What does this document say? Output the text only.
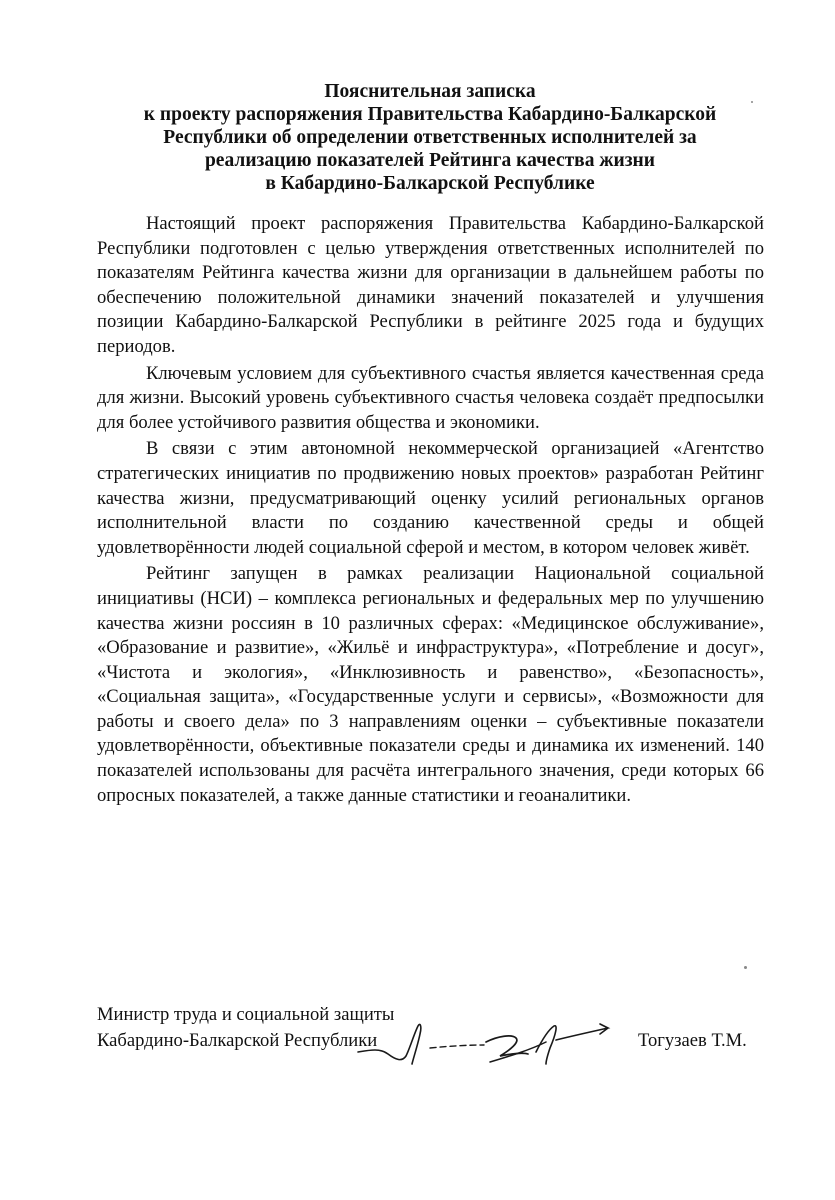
Пояснительная записка
к проекту распоряжения Правительства Кабардино-Балкарской
Республики об определении ответственных исполнителей за
реализацию показателей Рейтинга качества жизни
в Кабардино-Балкарской Республике

Настоящий проект распоряжения Правительства Кабардино-Балкарской Республики подготовлен с целью утверждения ответственных исполнителей по показателям Рейтинга качества жизни для организации в дальнейшем работы по обеспечению положительной динамики значений показателей и улучшения позиции Кабардино-Балкарской Республики в рейтинге 2025 года и будущих периодов.

Ключевым условием для субъективного счастья является качественная среда для жизни. Высокий уровень субъективного счастья человека создаёт предпосылки для более устойчивого развития общества и экономики.

В связи с этим автономной некоммерческой организацией «Агентство стратегических инициатив по продвижению новых проектов» разработан Рейтинг качества жизни, предусматривающий оценку усилий региональных органов исполнительной власти по созданию качественной среды и общей удовлетворённости людей социальной сферой и местом, в котором человек живёт.

Рейтинг запущен в рамках реализации Национальной социальной инициативы (НСИ) – комплекса региональных и федеральных мер по улучшению качества жизни россиян в 10 различных сферах: «Медицинское обслуживание», «Образование и развитие», «Жильё и инфраструктура», «Потребление и досуг», «Чистота и экология», «Инклюзивность и равенство», «Безопасность», «Социальная защита», «Государственные услуги и сервисы», «Возможности для работы и своего дела» по 3 направлениям оценки – субъективные показатели удовлетворённости, объективные показатели среды и динамика их изменений. 140 показателей использованы для расчёта интегрального значения, среди которых 66 опросных показателей, а также данные статистики и геоаналитики.

Министр труда и социальной защиты
Кабардино-Балкарской Республики	Тогузаев Т.М.
